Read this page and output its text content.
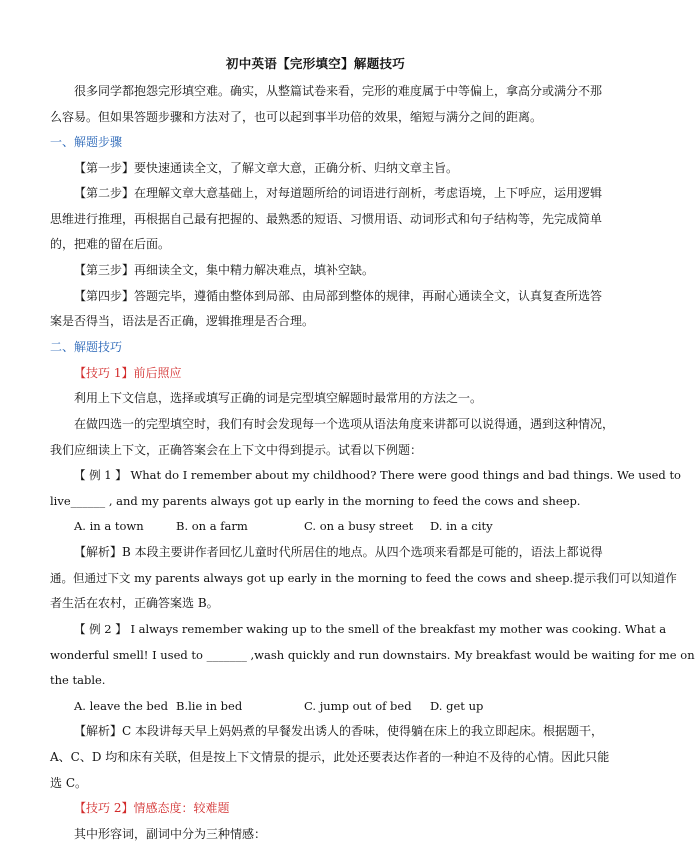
初中英语【完形填空】解题技巧
很多同学都抱怨完形填空难。确实，从整篇试卷来看，完形的难度属于中等偏上，拿高分或满分不那
么容易。但如果答题步骤和方法对了，也可以起到事半功倍的效果，缩短与满分之间的距离。
一、解题步骤
【第一步】要快速通读全文，了解文章大意，正确分析、归纳文章主旨。
【第二步】在理解文章大意基础上，对每道题所给的词语进行剖析，考虑语境，上下呼应，运用逻辑
思维进行推理，再根据自己最有把握的、最熟悉的短语、习惯用语、动词形式和句子结构等，先完成简单
的，把难的留在后面。
【第三步】再细读全文，集中精力解决难点，填补空缺。
【第四步】答题完毕，遵循由整体到局部、由局部到整体的规律，再耐心通读全文，认真复查所选答
案是否得当，语法是否正确，逻辑推理是否合理。
二、解题技巧
【技巧 1】前后照应
利用上下文信息，选择或填写正确的词是完型填空解题时最常用的方法之一。
在做四选一的完型填空时，我们有时会发现每一个选项从语法角度来讲都可以说得通，遇到这种情况，
我们应细读上下文，正确答案会在上下文中得到提示。试看以下例题：
【 例 1 】 What do I remember about my childhood? There were good things and bad things. We used to
live______ , and my parents always got up early in the morning to feed the cows and sheep.
A. in a town	B. on a farm	C. on a busy street D. in a city
【解析】B 本段主要讲作者回忆儿童时代所居住的地点。从四个选项来看都是可能的，语法上都说得
通。但通过下文 my parents always got up early in the morning to feed the cows and sheep.提示我们可以知道作
者生活在农村，正确答案选 B。
【 例 2 】 I always remember waking up to the smell of the breakfast my mother was cooking. What a
wonderful smell! I used to _______ ,wash quickly and run downstairs. My breakfast would be waiting for me on
the table.
A. leave the bed B.lie in bed	C. jump out of bed D. get up
【解析】C 本段讲每天早上妈妈煮的早餐发出诱人的香味，使得躺在床上的我立即起床。根据题干，
A、C、D 均和床有关联，但是按上下文情景的提示，此处还要表达作者的一种迫不及待的心情。因此只能
选 C。
【技巧 2】情感态度：较难题
其中形容词，副词中分为三种情感：
